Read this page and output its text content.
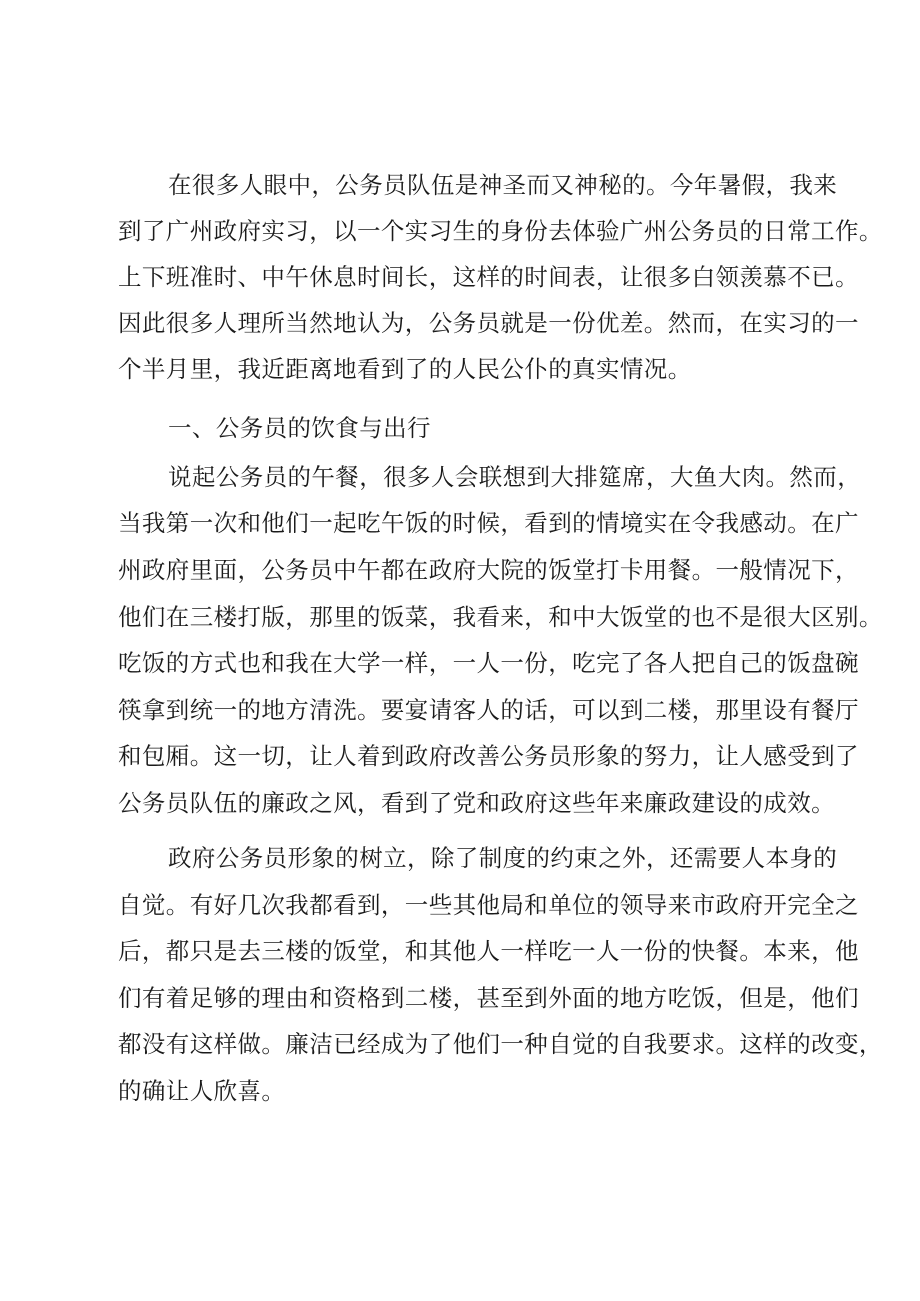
在很多人眼中，公务员队伍是神圣而又神秘的。今年暑假，我来
到了广州政府实习，以一个实习生的身份去体验广州公务员的日常工作。
上下班准时、中午休息时间长，这样的时间表，让很多白领羡慕不已。
因此很多人理所当然地认为，公务员就是一份优差。然而，在实习的一
个半月里，我近距离地看到了的人民公仆的真实情况。
一、公务员的饮食与出行
说起公务员的午餐，很多人会联想到大排筵席，大鱼大肉。然而，
当我第一次和他们一起吃午饭的时候，看到的情境实在令我感动。在广
州政府里面，公务员中午都在政府大院的饭堂打卡用餐。一般情况下，
他们在三楼打版，那里的饭菜，我看来，和中大饭堂的也不是很大区别。
吃饭的方式也和我在大学一样，一人一份，吃完了各人把自己的饭盘碗
筷拿到统一的地方清洗。要宴请客人的话，可以到二楼，那里设有餐厅
和包厢。这一切，让人着到政府改善公务员形象的努力，让人感受到了
公务员队伍的廉政之风，看到了党和政府这些年来廉政建设的成效。
政府公务员形象的树立，除了制度的约束之外，还需要人本身的
自觉。有好几次我都看到，一些其他局和单位的领导来市政府开完全之
后，都只是去三楼的饭堂，和其他人一样吃一人一份的快餐。本来，他
们有着足够的理由和资格到二楼，甚至到外面的地方吃饭，但是，他们
都没有这样做。廉洁已经成为了他们一种自觉的自我要求。这样的改变，
的确让人欣喜。
